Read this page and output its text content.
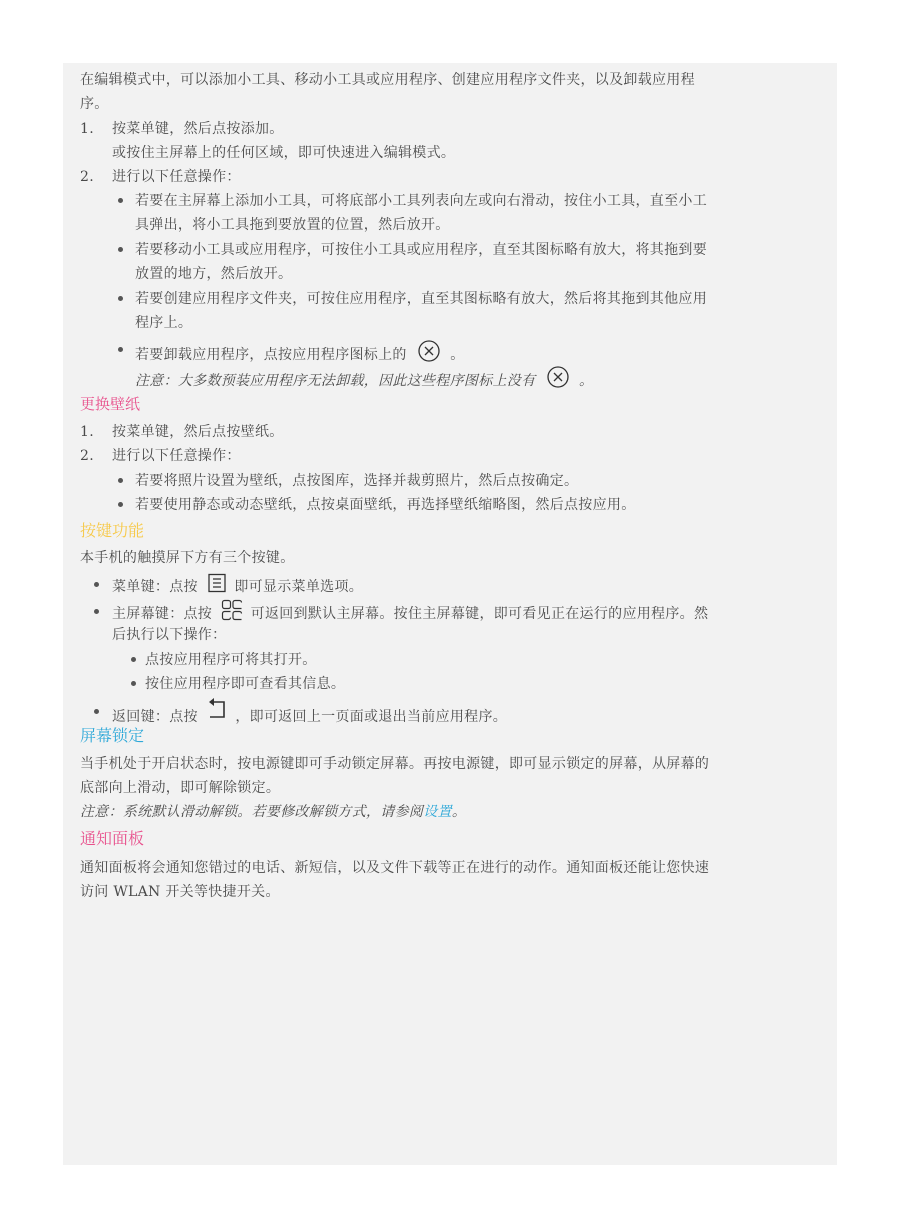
在编辑模式中，可以添加小工具、移动小工具或应用程序、创建应用程序文件夹，以及卸载应用程
序。
1. 按菜单键，然后点按添加。
或按住主屏幕上的任何区域，即可快速进入编辑模式。
2. 进行以下任意操作：
若要在主屏幕上添加小工具，可将底部小工具列表向左或向右滑动，按住小工具，直至小工
具弹出，将小工具拖到要放置的位置，然后放开。
若要移动小工具或应用程序，可按住小工具或应用程序，直至其图标略有放大，将其拖到要
放置的地方，然后放开。
若要创建应用程序文件夹，可按住应用程序，直至其图标略有放大，然后将其拖到其他应用
程序上。
若要卸载应用程序，点按应用程序图标上的	。
注意：大多数预装应用程序无法卸载，因此这些程序图标上没有	。
更换壁纸
1. 按菜单键，然后点按壁纸。
2. 进行以下任意操作：
若要将照片设置为壁纸，点按图库，选择并裁剪照片，然后点按确定。
若要使用静态或动态壁纸，点按桌面壁纸，再选择壁纸缩略图，然后点按应用。
按键功能
本手机的触摸屏下方有三个按键。
菜单键：点按	即可显示菜单选项。
主屏幕键：点按	可返回到默认主屏幕。按住主屏幕键，即可看见正在运行的应用程序。然
后执行以下操作：
点按应用程序可将其打开。
按住应用程序即可查看其信息。
返回键：点按	，即可返回上一页面或退出当前应用程序。
屏幕锁定
当手机处于开启状态时，按电源键即可手动锁定屏幕。再按电源键，即可显示锁定的屏幕，从屏幕的
底部向上滑动，即可解除锁定。
注意：系统默认滑动解锁。若要修改解锁方式，请参阅设置。
通知面板
通知面板将会通知您错过的电话、新短信，以及文件下载等正在进行的动作。通知面板还能让您快速
访问 WLAN 开关等快捷开关。
